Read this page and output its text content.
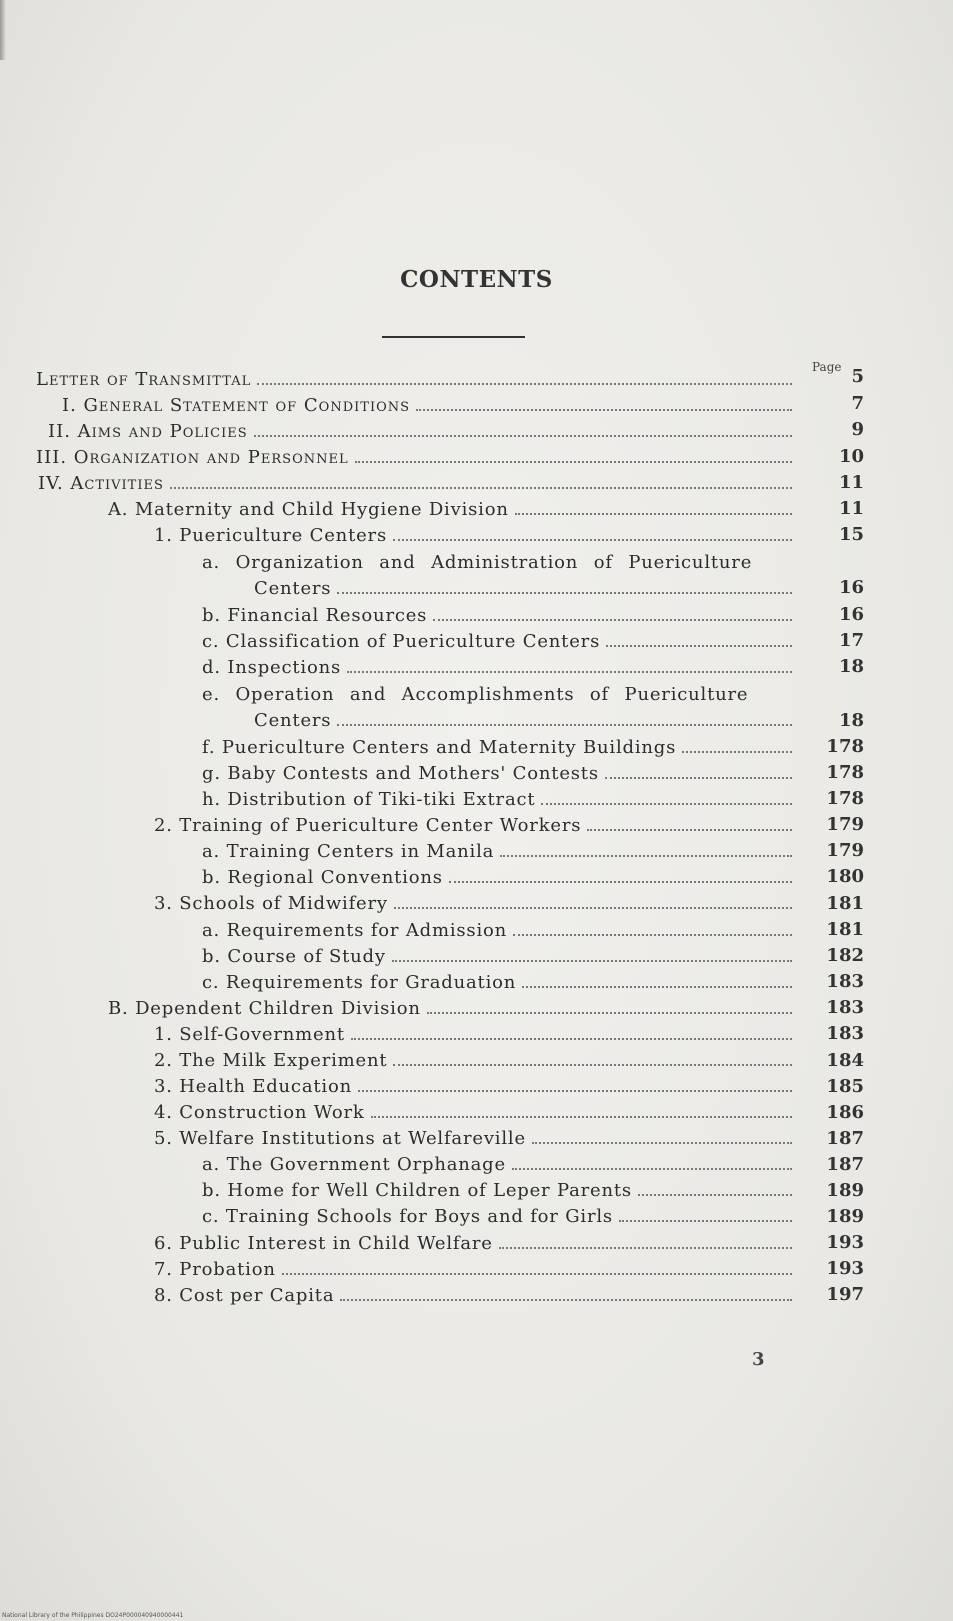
CONTENTS
Page
Letter of Transmittal	5
I. General Statement of Conditions	7
II. Aims and Policies	9
III. Organization and Personnel	10
IV. Activities	11
A. Maternity and Child Hygiene Division	11
1. Puericulture Centers	15
a. Organization and Administration of Puericulture
Centers	16
b. Financial Resources	16
c. Classification of Puericulture Centers	17
d. Inspections	18
e. Operation and Accomplishments of Puericulture
Centers	18
f. Puericulture Centers and Maternity Buildings	178
g. Baby Contests and Mothers' Contests	178
h. Distribution of Tiki-tiki Extract	178
2. Training of Puericulture Center Workers	179
a. Training Centers in Manila	179
b. Regional Conventions	180
3. Schools of Midwifery	181
a. Requirements for Admission	181
b. Course of Study	182
c. Requirements for Graduation	183
B. Dependent Children Division	183
1. Self-Government	183
2. The Milk Experiment	184
3. Health Education	185
4. Construction Work	186
5. Welfare Institutions at Welfareville	187
a. The Government Orphanage	187
b. Home for Well Children of Leper Parents	189
c. Training Schools for Boys and for Girls	189
6. Public Interest in Child Welfare	193
7. Probation	193
8. Cost per Capita	197
3
National Library of the Philippines DO24P000040940000441
